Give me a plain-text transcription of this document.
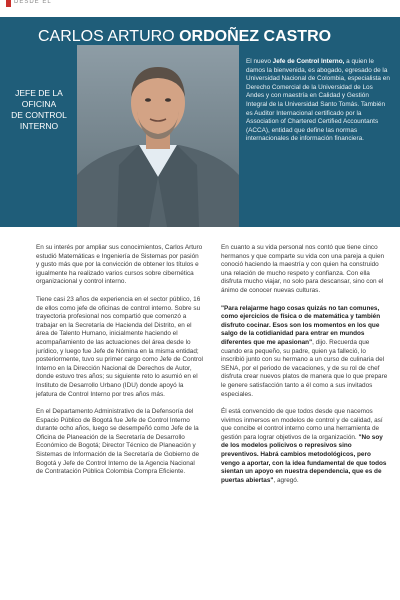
DESDE EL
CARLOS ARTURO ORDOÑEZ CASTRO
JEFE DE LA OFICINA
DE CONTROL INTERNO
El nuevo Jefe de Control Interno, a quien le damos la bienvenida, es abogado, egresado de la Universidad Nacional de Colombia, especialista en Derecho Comercial de la Universidad de Los Andes y con maestría en Calidad y Gestión Integral de la Universidad Santo Tomás. También es Auditor Internacional certificado por la Association of Chartered Certified Accountants (ACCA), entidad que define las normas internacionales de información financiera.

En su interés por ampliar sus conocimientos, Carlos Arturo estudió Matemáticas e Ingeniería de Sistemas por pasión y gusto más que por la convicción de obtener los títulos e igualmente ha realizado varios cursos sobre cibernética organizacional y control interno.

Tiene casi 23 años de experiencia en el sector público, 16 de ellos como jefe de oficinas de control interno. Sobre su trayectoria profesional nos compartió que comenzó a trabajar en la Secretaría de Hacienda del Distrito, en el área de Talento Humano, inicialmente haciendo el acompañamiento de las actuaciones del área desde lo jurídico, y luego fue Jefe de Nómina en la misma entidad; posteriormente, tuvo su primer cargo como Jefe de Control Interno en la Dirección Nacional de Derechos de Autor, donde estuvo tres años; su siguiente reto lo asumió en el Instituto de Desarrollo Urbano (IDU) donde apoyó la jefatura de Control Interno por tres años más.

En el Departamento Administrativo de la Defensoría del Espacio Público de Bogotá fue Jefe de Control Interno durante ocho años, luego se desempeñó como Jefe de la Oficina de Planeación de la Secretaría de Desarrollo Económico de Bogotá; Director Técnico de Planeación y Sistemas de Información de la Secretaría de Gobierno de Bogotá y Jefe de Control Interno de la Agencia Nacional de Contratación Pública Colombia Compra Eficiente.

En cuanto a su vida personal nos contó que tiene cinco hermanos y que comparte su vida con una pareja a quien conoció haciendo la maestría y con quien ha construido una relación de mucho respeto y confianza. Con ella disfruta mucho viajar, no solo para descansar, sino con el ánimo de conocer nuevas culturas.

"Para relajarme hago cosas quizás no tan comunes, como ejercicios de física o de matemática y también disfruto cocinar. Esos son los momentos en los que salgo de la cotidianidad para entrar en mundos diferentes que me apasionan", dijo. Recuerda que cuando era pequeño, su padre, quien ya falleció, lo inscribió junto con su hermano a un curso de culinaria del SENA, por el periodo de vacaciones, y de su rol de chef disfruta crear nuevos platos de manera que lo que prepare le genere satisfacción tanto a él como a sus invitados especiales.

Él está convencido de que todos desde que nacemos vivimos inmersos en modelos de control y de calidad, así que concibe el control interno como una herramienta de gestión para lograr objetivos de la organización. "No soy de los modelos policivos o represivos sino preventivos. Habrá cambios metodológicos, pero vengo a aportar, con la idea fundamental de que todos sientan un apoyo en nuestra dependencia, que es de puertas abiertas", agregó.
